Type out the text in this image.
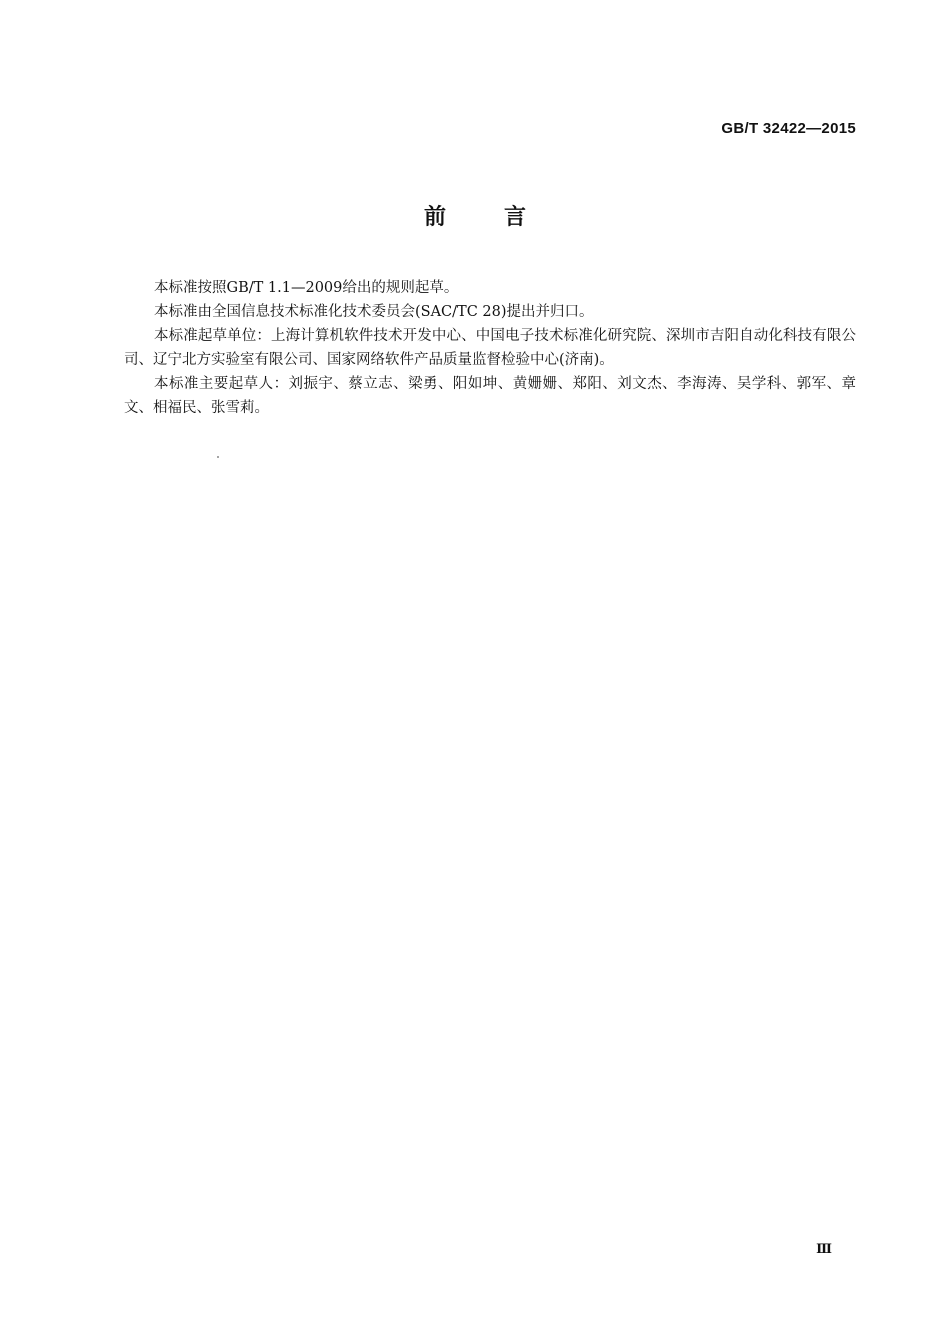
GB/T 32422—2015
前言

本标准按照GB/T 1.1—2009给出的规则起草。

本标准由全国信息技术标准化技术委员会(SAC/TC 28)提出并归口。

本标准起草单位：上海计算机软件技术开发中心、中国电子技术标准化研究院、深圳市吉阳自动化科技有限公司、辽宁北方实验室有限公司、国家网络软件产品质量监督检验中心(济南)。

本标准主要起草人：刘振宇、蔡立志、梁勇、阳如坤、黄姗姗、郑阳、刘文杰、李海涛、吴学科、郭军、章文、相福民、张雪莉。

Ⅲ
